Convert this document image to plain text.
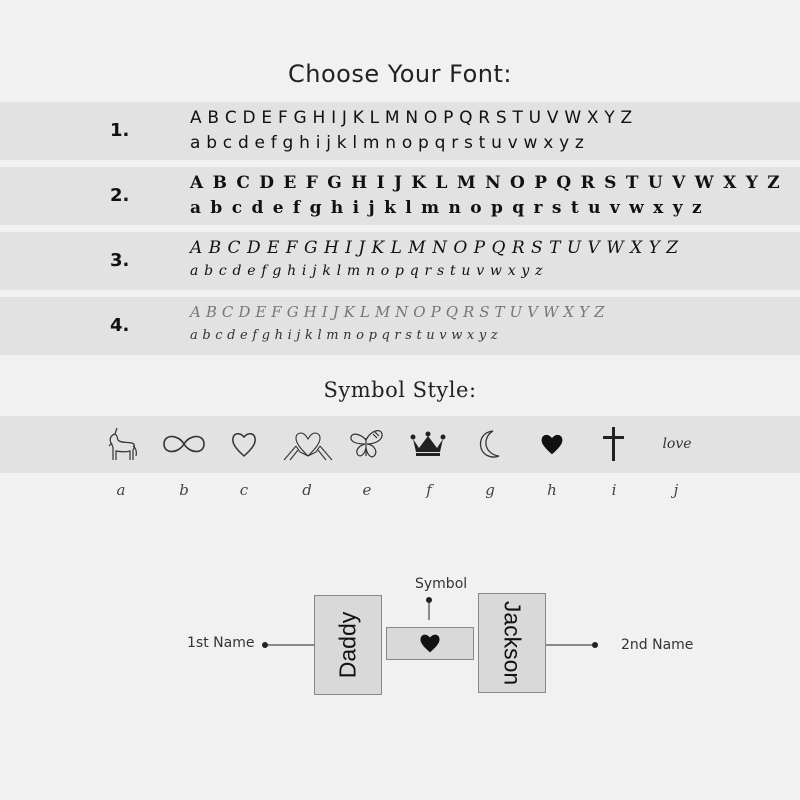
Choose Your Font:
1.
A B C D E F G H I J K L M N O P Q R S T U V W X Y Z
a b c d e f g h i j k l m n o p q r s t u v w x y z
2.
A B C D E F G H I J K L M N O P Q R S T U V W X Y Z
a b c d e f g h i j k l m n o p q r s t u v w x y z
3.
A B C D E F G H I J K L M N O P Q R S T U V W X Y Z
a b c d e f g h i j k l m n o p q r s t u v w x y z
4.
A B C D E F G H I J K L M N O P Q R S T U V W X Y Z
a b c d e f g h i j k l m n o p q r s t u v w x y z
Symbol Style:
love
a	b	c	d	e	f	g	h	i	j
1st Name	2nd Name
Symbol
Daddy	Jackson
